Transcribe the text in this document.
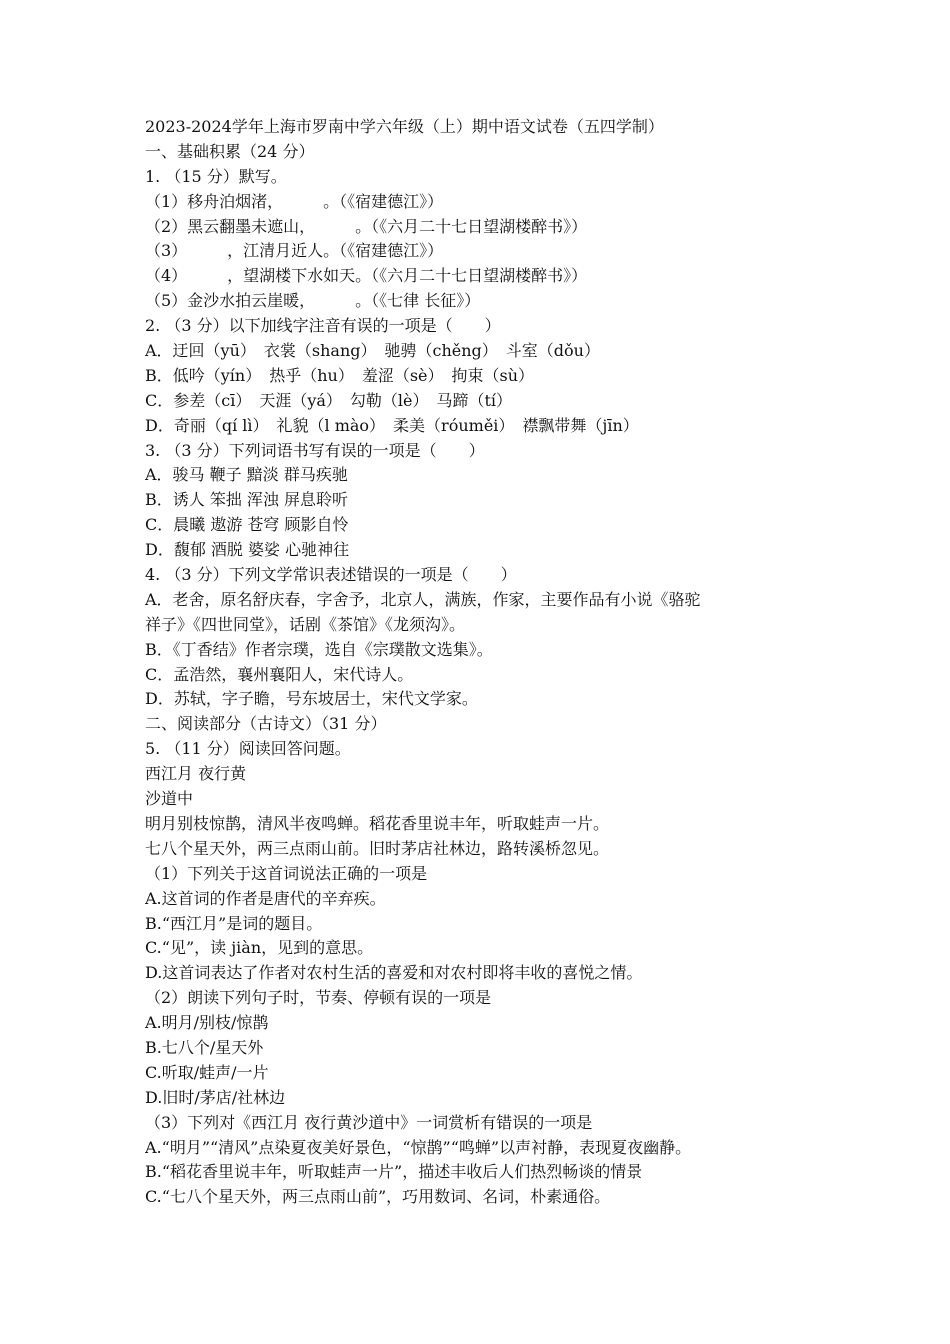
2023-2024学年上海市罗南中学六年级（上）期中语文试卷（五四学制）
一、基础积累（24 分）
1. （15 分）默写。
（1）移舟泊烟渚，　　　。（《宿建德江》）
（2）黑云翻墨未遮山，　　　。（《六月二十七日望湖楼醉书》）
（3）　　　，江清月近人。（《宿建德江》）
（4）　　　，望湖楼下水如天。（《六月二十七日望湖楼醉书》）
（5）金沙水拍云崖暖，　　　。（《七律 长征》）
2. （3 分）以下加线字注音有误的一项是（　　）
A．迂回（yū）　衣裳（shang）　驰骋（chěng）　斗室（dǒu）
B．低吟（yín）　热乎（hu）　羞涩（sè）　拘束（sù）
C．参差（cī）　天涯（yá）　勾勒（lè）　马蹄（tí）
D．奇丽（qí lì）　礼貌（l mào）　柔美（róuměi）　襟飘带舞（jīn）
3. （3 分）下列词语书写有误的一项是（　　）
A．骏马 鞭子 黯淡 群马疾驰
B．诱人 笨拙 浑浊 屏息聆听
C．晨曦 遨游 苍穹 顾影自怜
D．馥郁 酒脱 婆娑 心驰神往
4. （3 分）下列文学常识表述错误的一项是（　　）
A．老舍，原名舒庆春，字舍予，北京人，满族，作家，主要作品有小说《骆驼
祥子》《四世同堂》，话剧《茶馆》《龙须沟》。
B．《丁香结》作者宗璞，选自《宗璞散文选集》。
C．孟浩然，襄州襄阳人，宋代诗人。
D．苏轼，字子瞻，号东坡居士，宋代文学家。
二、阅读部分（古诗文）（31 分）
5. （11 分）阅读回答问题。
西江月 夜行黄
沙道中
明月别枝惊鹊，清风半夜鸣蝉。稻花香里说丰年，听取蛙声一片。
七八个星天外，两三点雨山前。旧时茅店社林边，路转溪桥忽见。
（1）下列关于这首词说法正确的一项是
A.这首词的作者是唐代的辛弃疾。
B.“西江月”是词的题目。
C.“见”，读 jiàn，见到的意思。
D.这首词表达了作者对农村生活的喜爱和对农村即将丰收的喜悦之情。
（2）朗读下列句子时，节奏、停顿有误的一项是
A.明月/别枝/惊鹊
B.七八个/星天外
C.听取/蛙声/一片
D.旧时/茅店/社林边
（3）下列对《西江月 夜行黄沙道中》一词赏析有错误的一项是
A.“明月”“清风”点染夏夜美好景色，“惊鹊”“鸣蝉”以声衬静，表现夏夜幽静。
B.“稻花香里说丰年，听取蛙声一片”，描述丰收后人们热烈畅谈的情景
C.“七八个星天外，两三点雨山前”，巧用数词、名词，朴素通俗。
